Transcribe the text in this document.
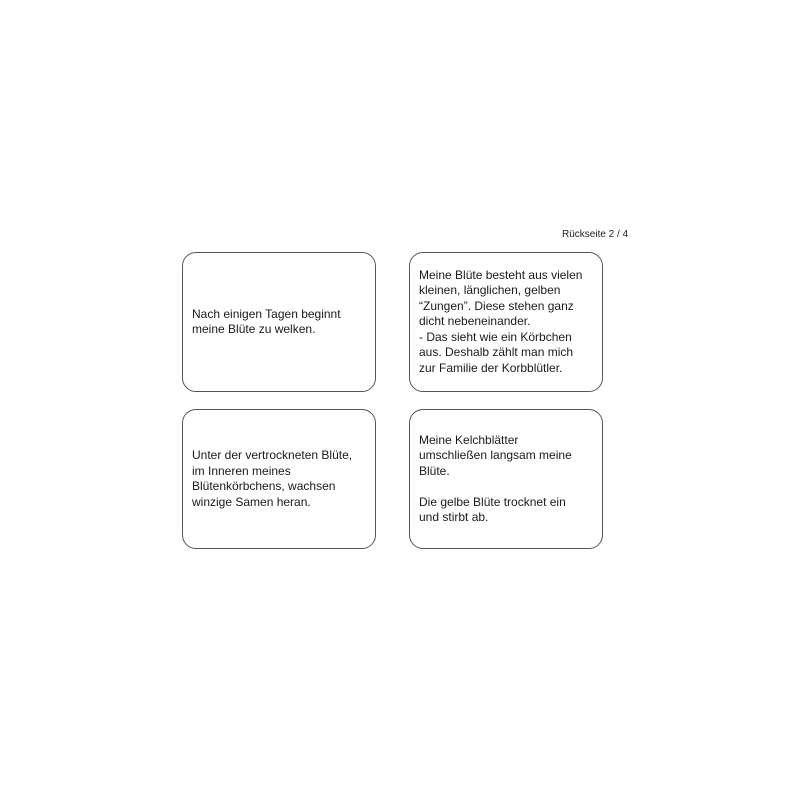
Rückseite 2 / 4

Nach einigen Tagen beginnt
meine Blüte zu welken.

Meine Blüte besteht aus vielen
kleinen, länglichen, gelben
“Zungen”. Diese stehen ganz
dicht nebeneinander.
- Das sieht wie ein Körbchen
aus. Deshalb zählt man mich
zur Familie der Korbblütler.

Unter der vertrockneten Blüte,
im Inneren meines
Blütenkörbchens, wachsen
winzige Samen heran.

Meine Kelchblätter
umschließen langsam meine
Blüte.

Die gelbe Blüte trocknet ein
und stirbt ab.
